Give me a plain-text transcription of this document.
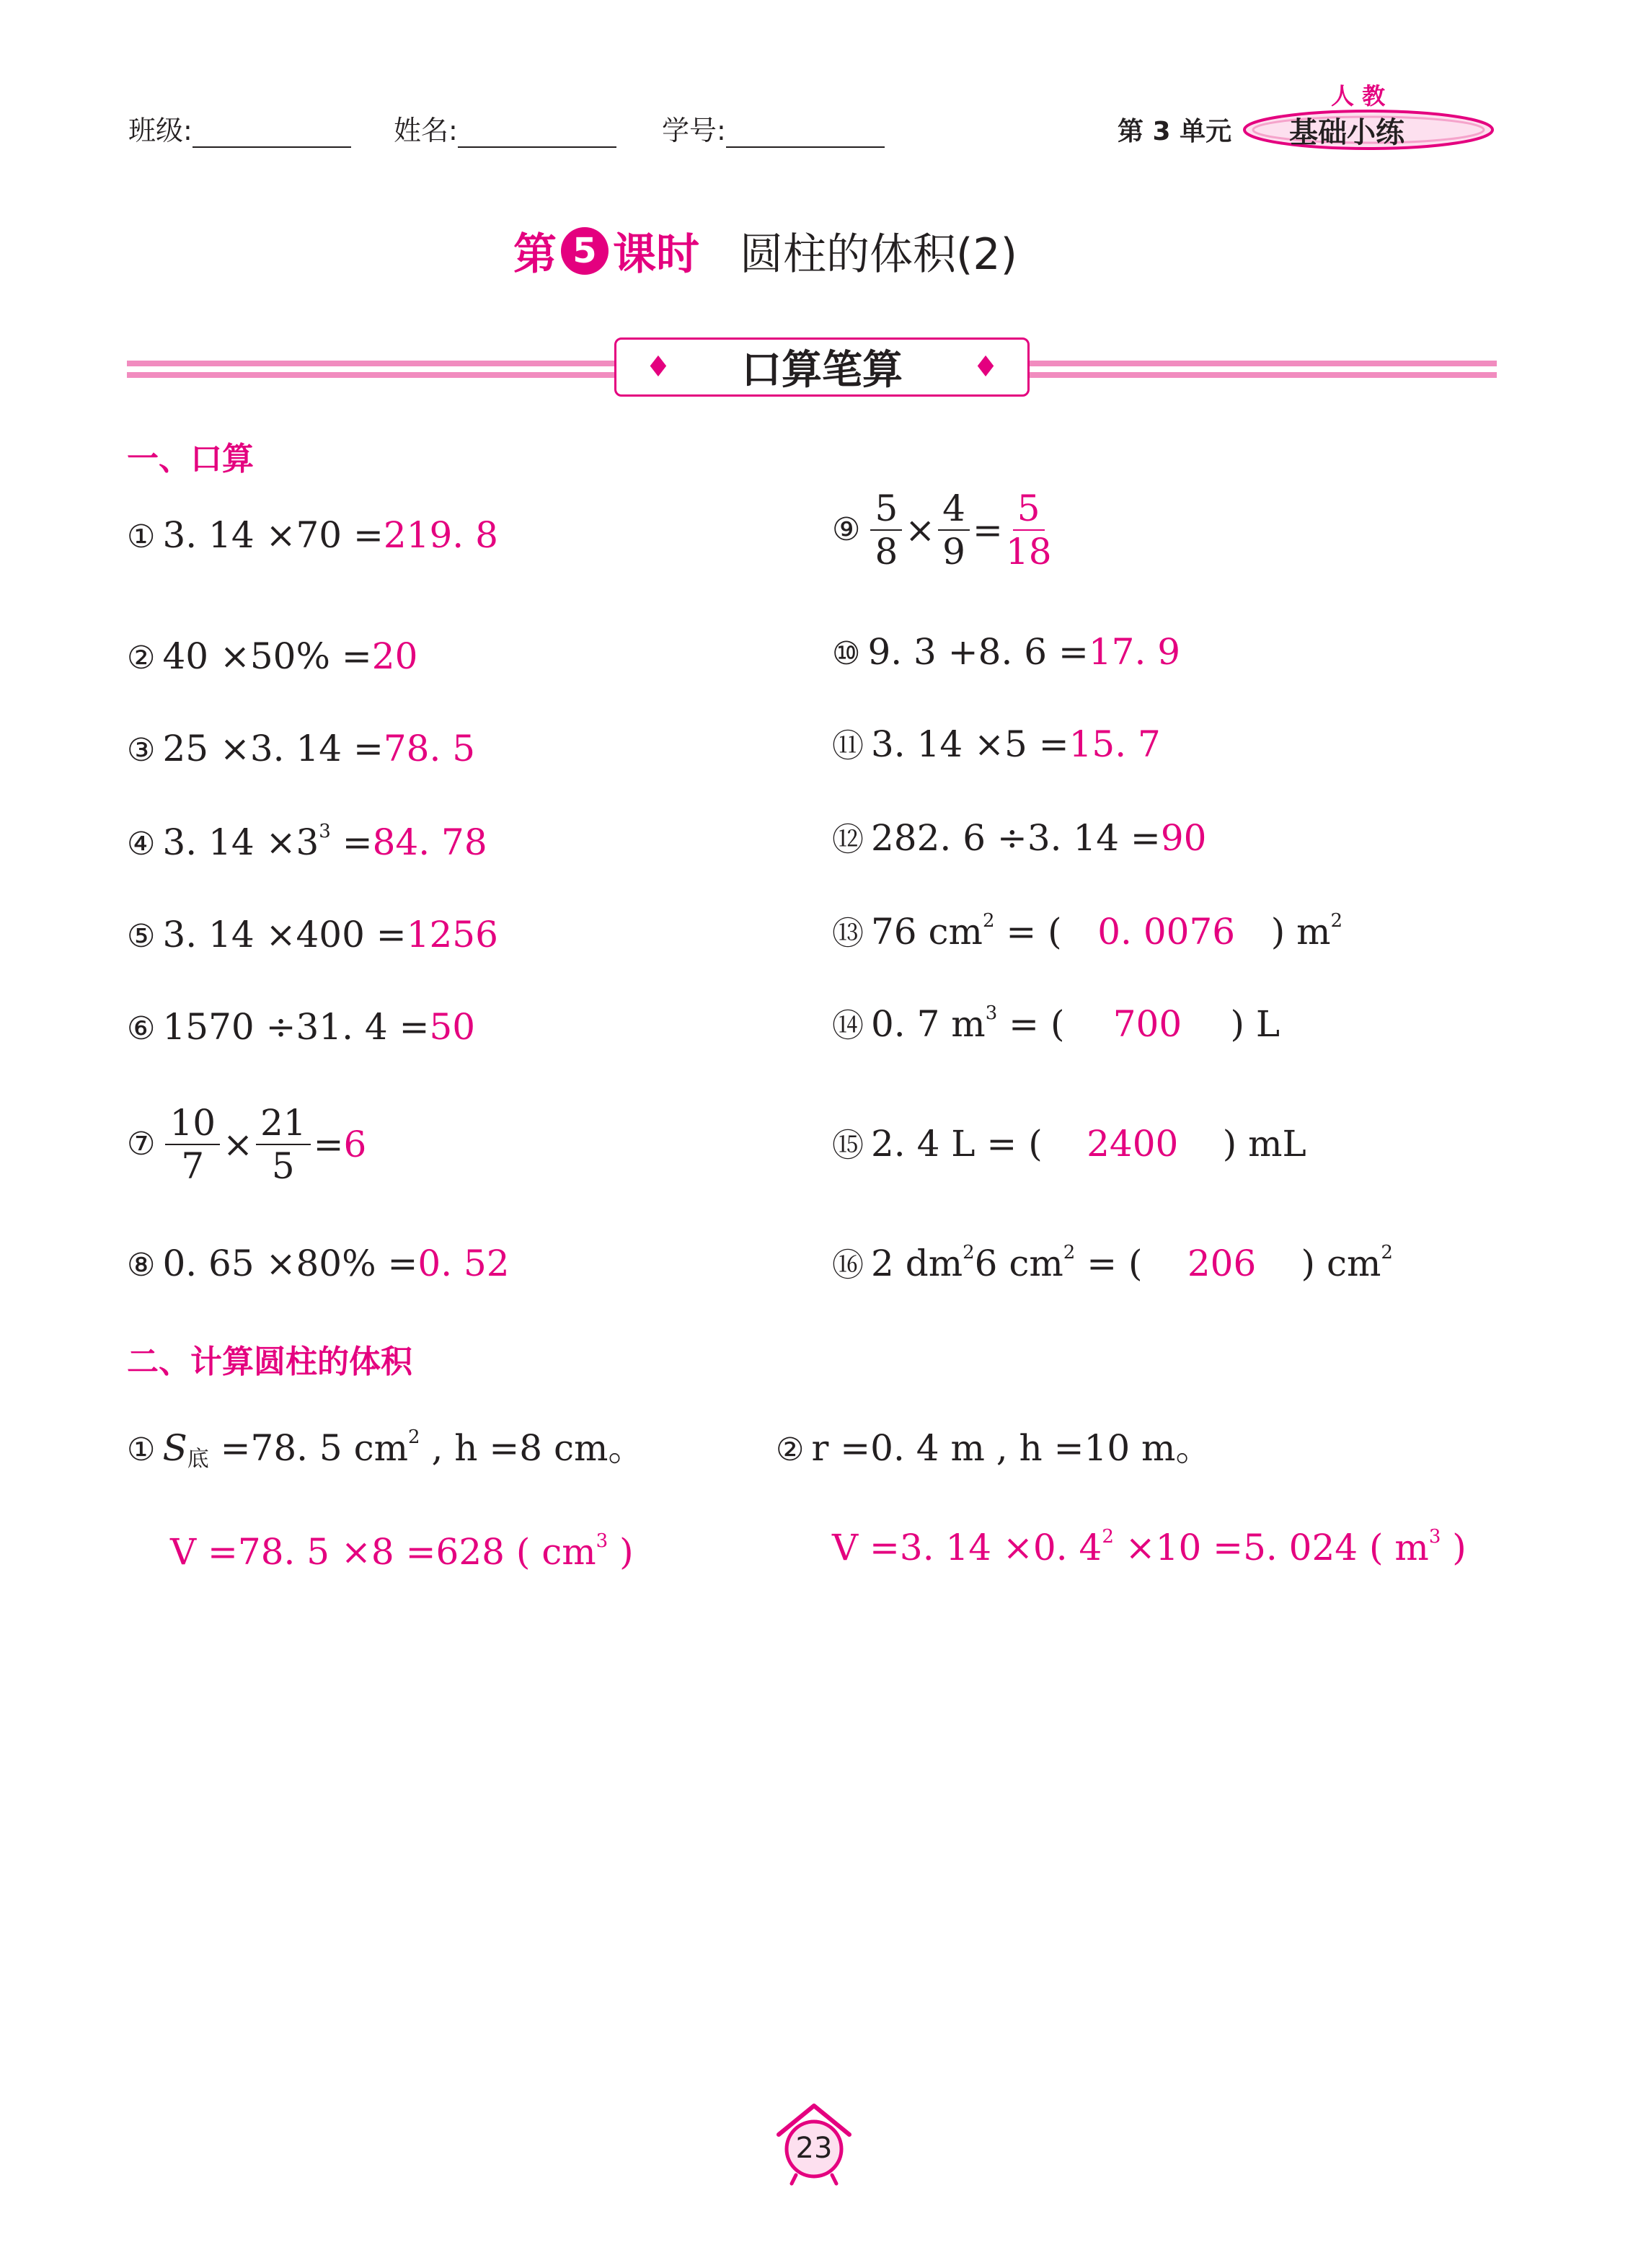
班级:	姓名:	学号:	第 3 单元
人 教
基础小练
第 5 课时 圆柱的体积(2)
♦ 口算笔算 ♦
一、口算
① 3. 14 ×70 =219. 8
② 40 ×50% =20
③ 25 ×3. 14 =78. 5
④ 3. $14 \times 3^3 =84$. 78
⑤ 3. 14 ×400 =1256
⑥ 1570 ÷31. 4 =50
⑦ $\frac{10}{7} \times \frac{21}{5} = 6$
⑧ 0. 65 ×80% =0. 52
⑨ $\frac{5}{8} \times \frac{4}{9} = \frac{5}{18}$
⑩ 9. 3 +8. 6 =17. 9
⑪ 3. 14 ×5 =15. 7
⑫ 282. 6 ÷3. 14 =90
⑬ 76 $cm^2$ = ( 0. 0076 ) $m^2$
⑭ 0. 7 $m^3$ = ( 700 ) L
⑮ 2. 4 L = ( 2400 ) mL
⑯ 2 $dm^26$ $cm^2$ = ( 206 ) $cm^2$
二、计算圆柱的体积
① $S_底 =78$. 5 $cm^2$ , h =8 cm。
V =78. 5 ×8 =628 ( $cm^3$ )
② r =0. 4 m , h =10 m。
V =3. 14 ×0. $4^2 \times 10 =5$. 024 ( $m^3$ )
23
